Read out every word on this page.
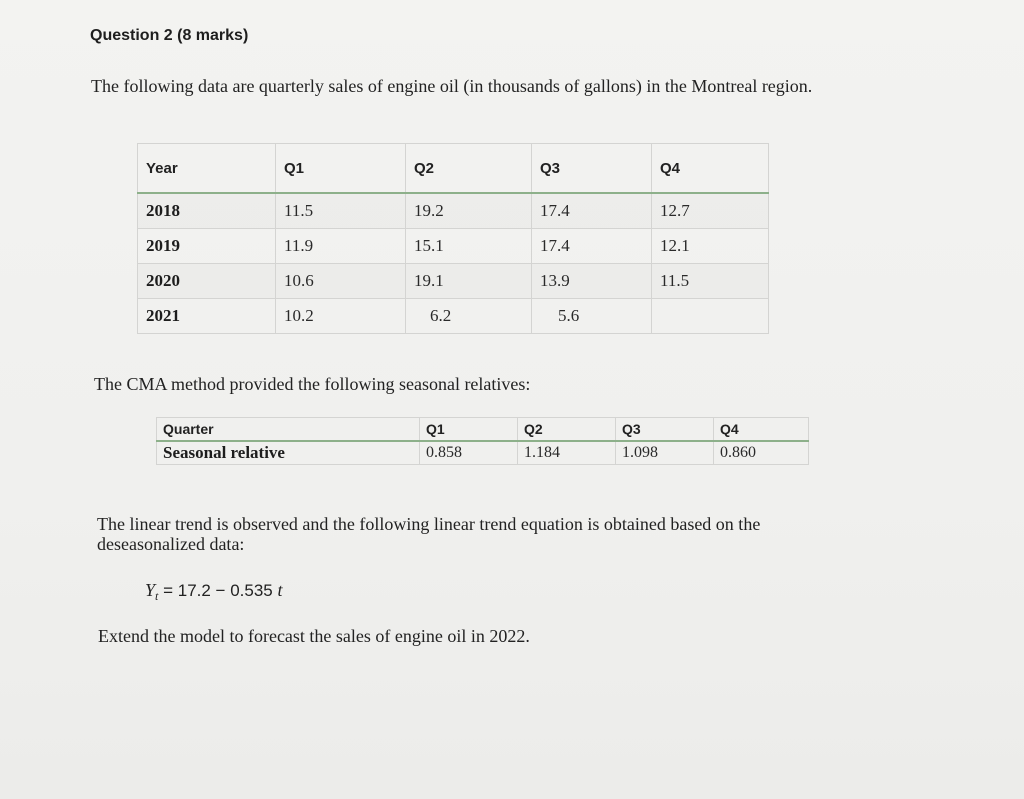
Question 2 (8 marks)
The following data are quarterly sales of engine oil (in thousands of gallons) in the Montreal region.
Year	Q1	Q2	Q3	Q4
2018	11.5	19.2	17.4	12.7
2019	11.9	15.1	17.4	12.1
2020	10.6	19.1	13.9	11.5
2021	10.2	6.2	5.6	
The CMA method provided the following seasonal relatives:
Quarter	Q1	Q2	Q3	Q4
Seasonal relative	0.858	1.184	1.098	0.860
The linear trend is observed and the following linear trend equation is obtained based on the deseasonalized data:
$Y_t = 17.2 - 0.535$ t
Extend the model to forecast the sales of engine oil in 2022.
